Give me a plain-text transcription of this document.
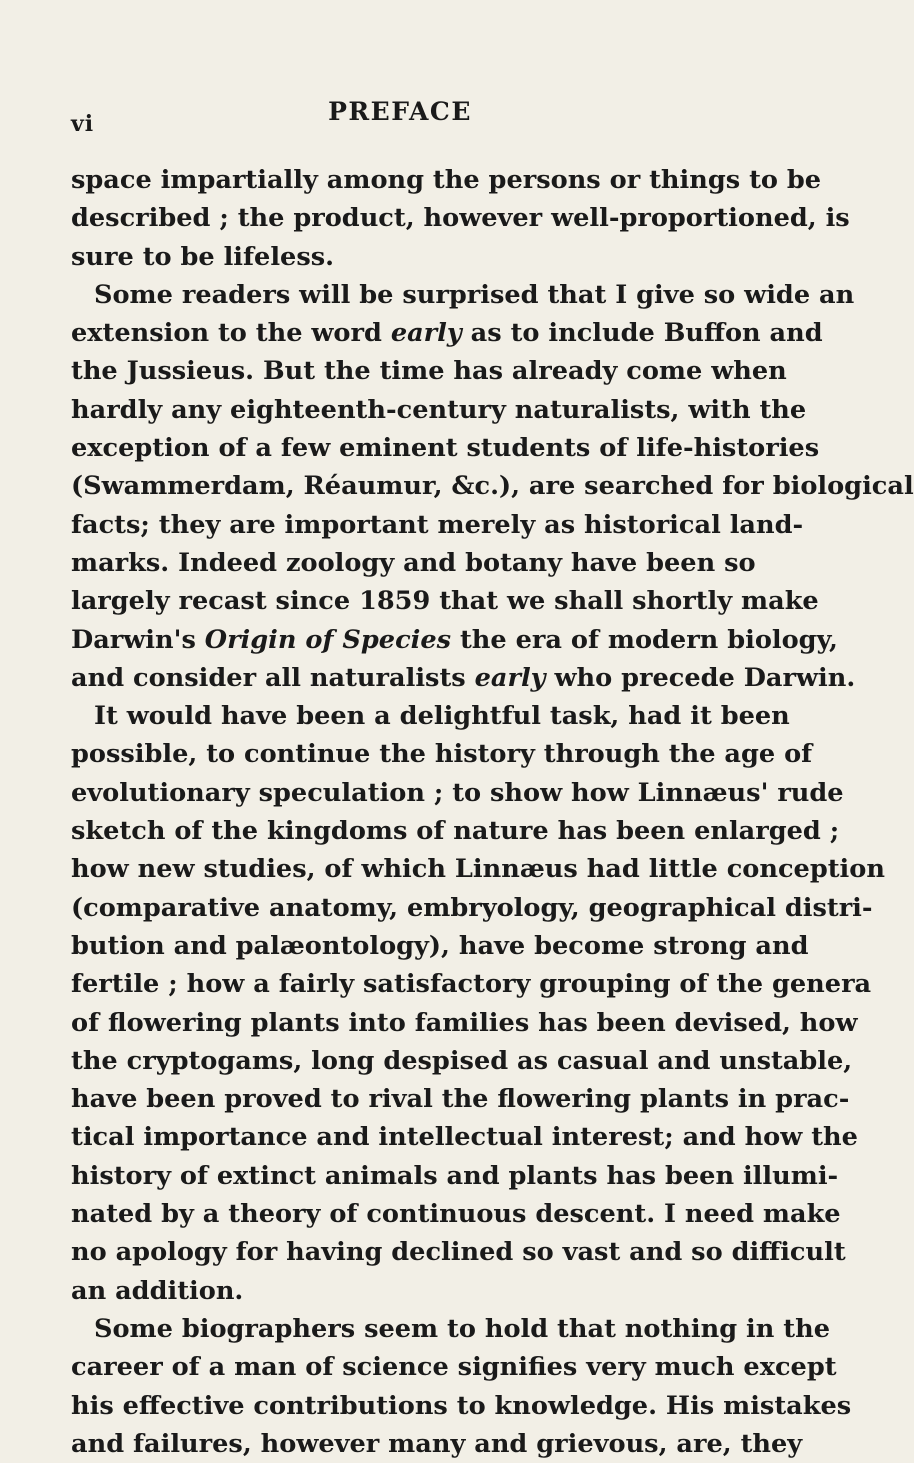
vi	PREFACE
space impartially among the persons or things to be
described ; the product, however well-proportioned, is
sure to be lifeless.
Some readers will be surprised that I give so wide an
extension to the word early as to include Buffon and
the Jussieus. But the time has already come when
hardly any eighteenth-century naturalists, with the
exception of a few eminent students of life-histories
(Swammerdam, Réaumur, &c.), are searched for biological
facts; they are important merely as historical land-
marks. Indeed zoology and botany have been so
largely recast since 1859 that we shall shortly make
Darwin's Origin of Species the era of modern biology,
and consider all naturalists early who precede Darwin.
It would have been a delightful task, had it been
possible, to continue the history through the age of
evolutionary speculation ; to show how Linnæus' rude
sketch of the kingdoms of nature has been enlarged ;
how new studies, of which Linnæus had little conception
(comparative anatomy, embryology, geographical distri-
bution and palæontology), have become strong and
fertile ; how a fairly satisfactory grouping of the genera
of flowering plants into families has been devised, how
the cryptogams, long despised as casual and unstable,
have been proved to rival the flowering plants in prac-
tical importance and intellectual interest; and how the
history of extinct animals and plants has been illumi-
nated by a theory of continuous descent. I need make
no apology for having declined so vast and so difficult
an addition.
Some biographers seem to hold that nothing in the
career of a man of science signifies very much except
his effective contributions to knowledge. His mistakes
and failures, however many and grievous, are, they
